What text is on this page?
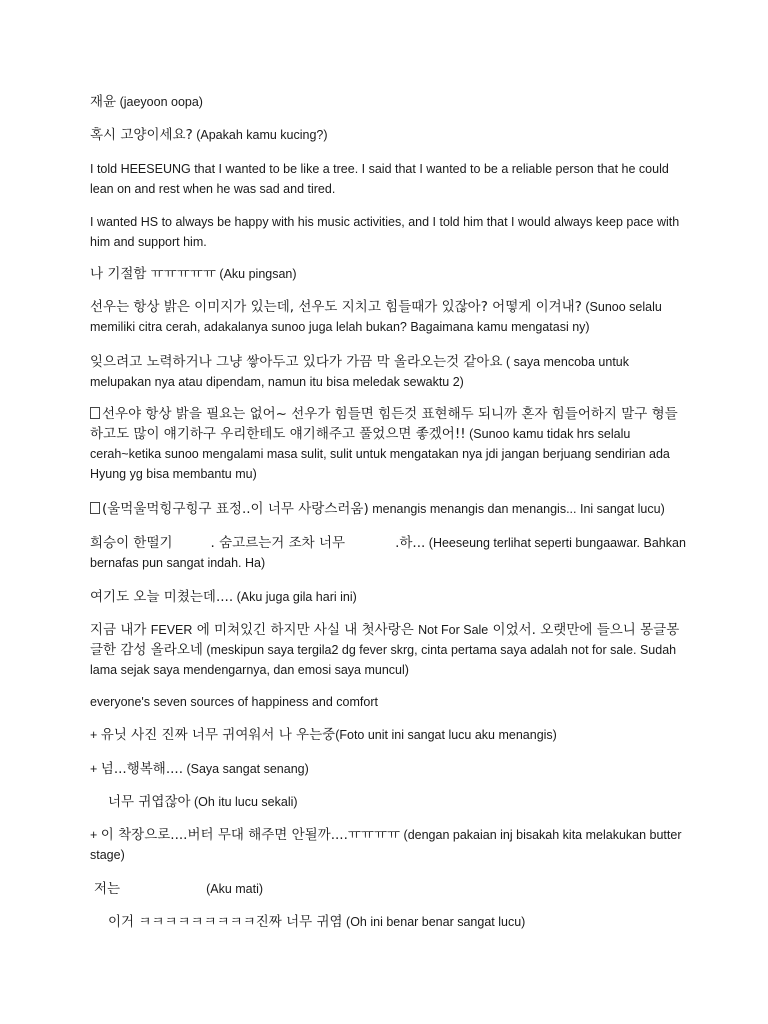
재윤 (jaeyoon oopa)
혹시 고양이세요? (Apakah kamu kucing?)
I told HEESEUNG that I wanted to be like a tree. I said that I wanted to be a reliable person that he could lean on and rest when he was sad and tired.
I wanted HS to always be happy with his music activities, and I told him that I would always keep pace with him and support him.
나 기절함 ㅠㅠㅠㅠㅠ (Aku pingsan)
선우는 항상 밝은 이미지가 있는데, 선우도 지치고 힘들때가 있잖아? 어떻게 이겨내? (Sunoo selalu memiliki citra cerah, adakalanya sunoo juga lelah bukan? Bagaimana kamu mengatasi ny)
잊으려고 노력하거나 그냥 쌓아두고 있다가 가끔 막 올라오는것 같아요 ( saya mencoba untuk melupakan nya atau dipendam, namun itu bisa meledak sewaktu 2)
선우야 항상 밝을 필요는 없어~ 선우가 힘들면 힘든것 표현해두 되니까 혼자 힘들어하지 말구 형들하고도 많이 얘기하구 우리한테도 얘기해주고 풀었으면 좋겠어!! (Sunoo kamu tidak hrs selalu cerah~ketika sunoo mengalami masa sulit, sulit untuk mengatakan nya jdi jangan berjuang sendirian ada Hyung yg bisa membantu mu)
(울먹울먹힝구힝구 표정..이 너무 사랑스러움) menangis menangis dan menangis... Ini sangat lucu)
희승이 한떨기	. 숨고르는거 조차 너무	.하... (Heeseung terlihat seperti bungaawar. Bahkan bernafas pun sangat indah. Ha)
여기도 오늘 미쳤는데.... (Aku juga gila hari ini)
지금 내가 FEVER 에 미쳐있긴 하지만 사실 내 첫사랑은 Not For Sale 이었서. 오랫만에 들으니 몽글몽글한 감성 올라오네 (meskipun saya tergila2 dg fever skrg, cinta pertama saya adalah not for sale. Sudah lama sejak saya mendengarnya, dan emosi saya muncul)
everyone's seven sources of happiness and comfort
+ 유닛 사진 진짜 너무 귀여워서 나 우는중(Foto unit ini sangat lucu aku menangis)
+ 넘...행복해.... (Saya sangat senang)
너무 귀엽잖아 (Oh itu lucu sekali)
+ 이 착장으로....버터 무대 해주면 안될까....ㅠㅠㅠㅠ (dengan pakaian inj bisakah kita melakukan butter stage)
저는	(Aku mati)
이거 ㅋㅋㅋㅋㅋㅋㅋㅋㅋ진짜 너무 귀염 (Oh ini benar benar sangat lucu)
